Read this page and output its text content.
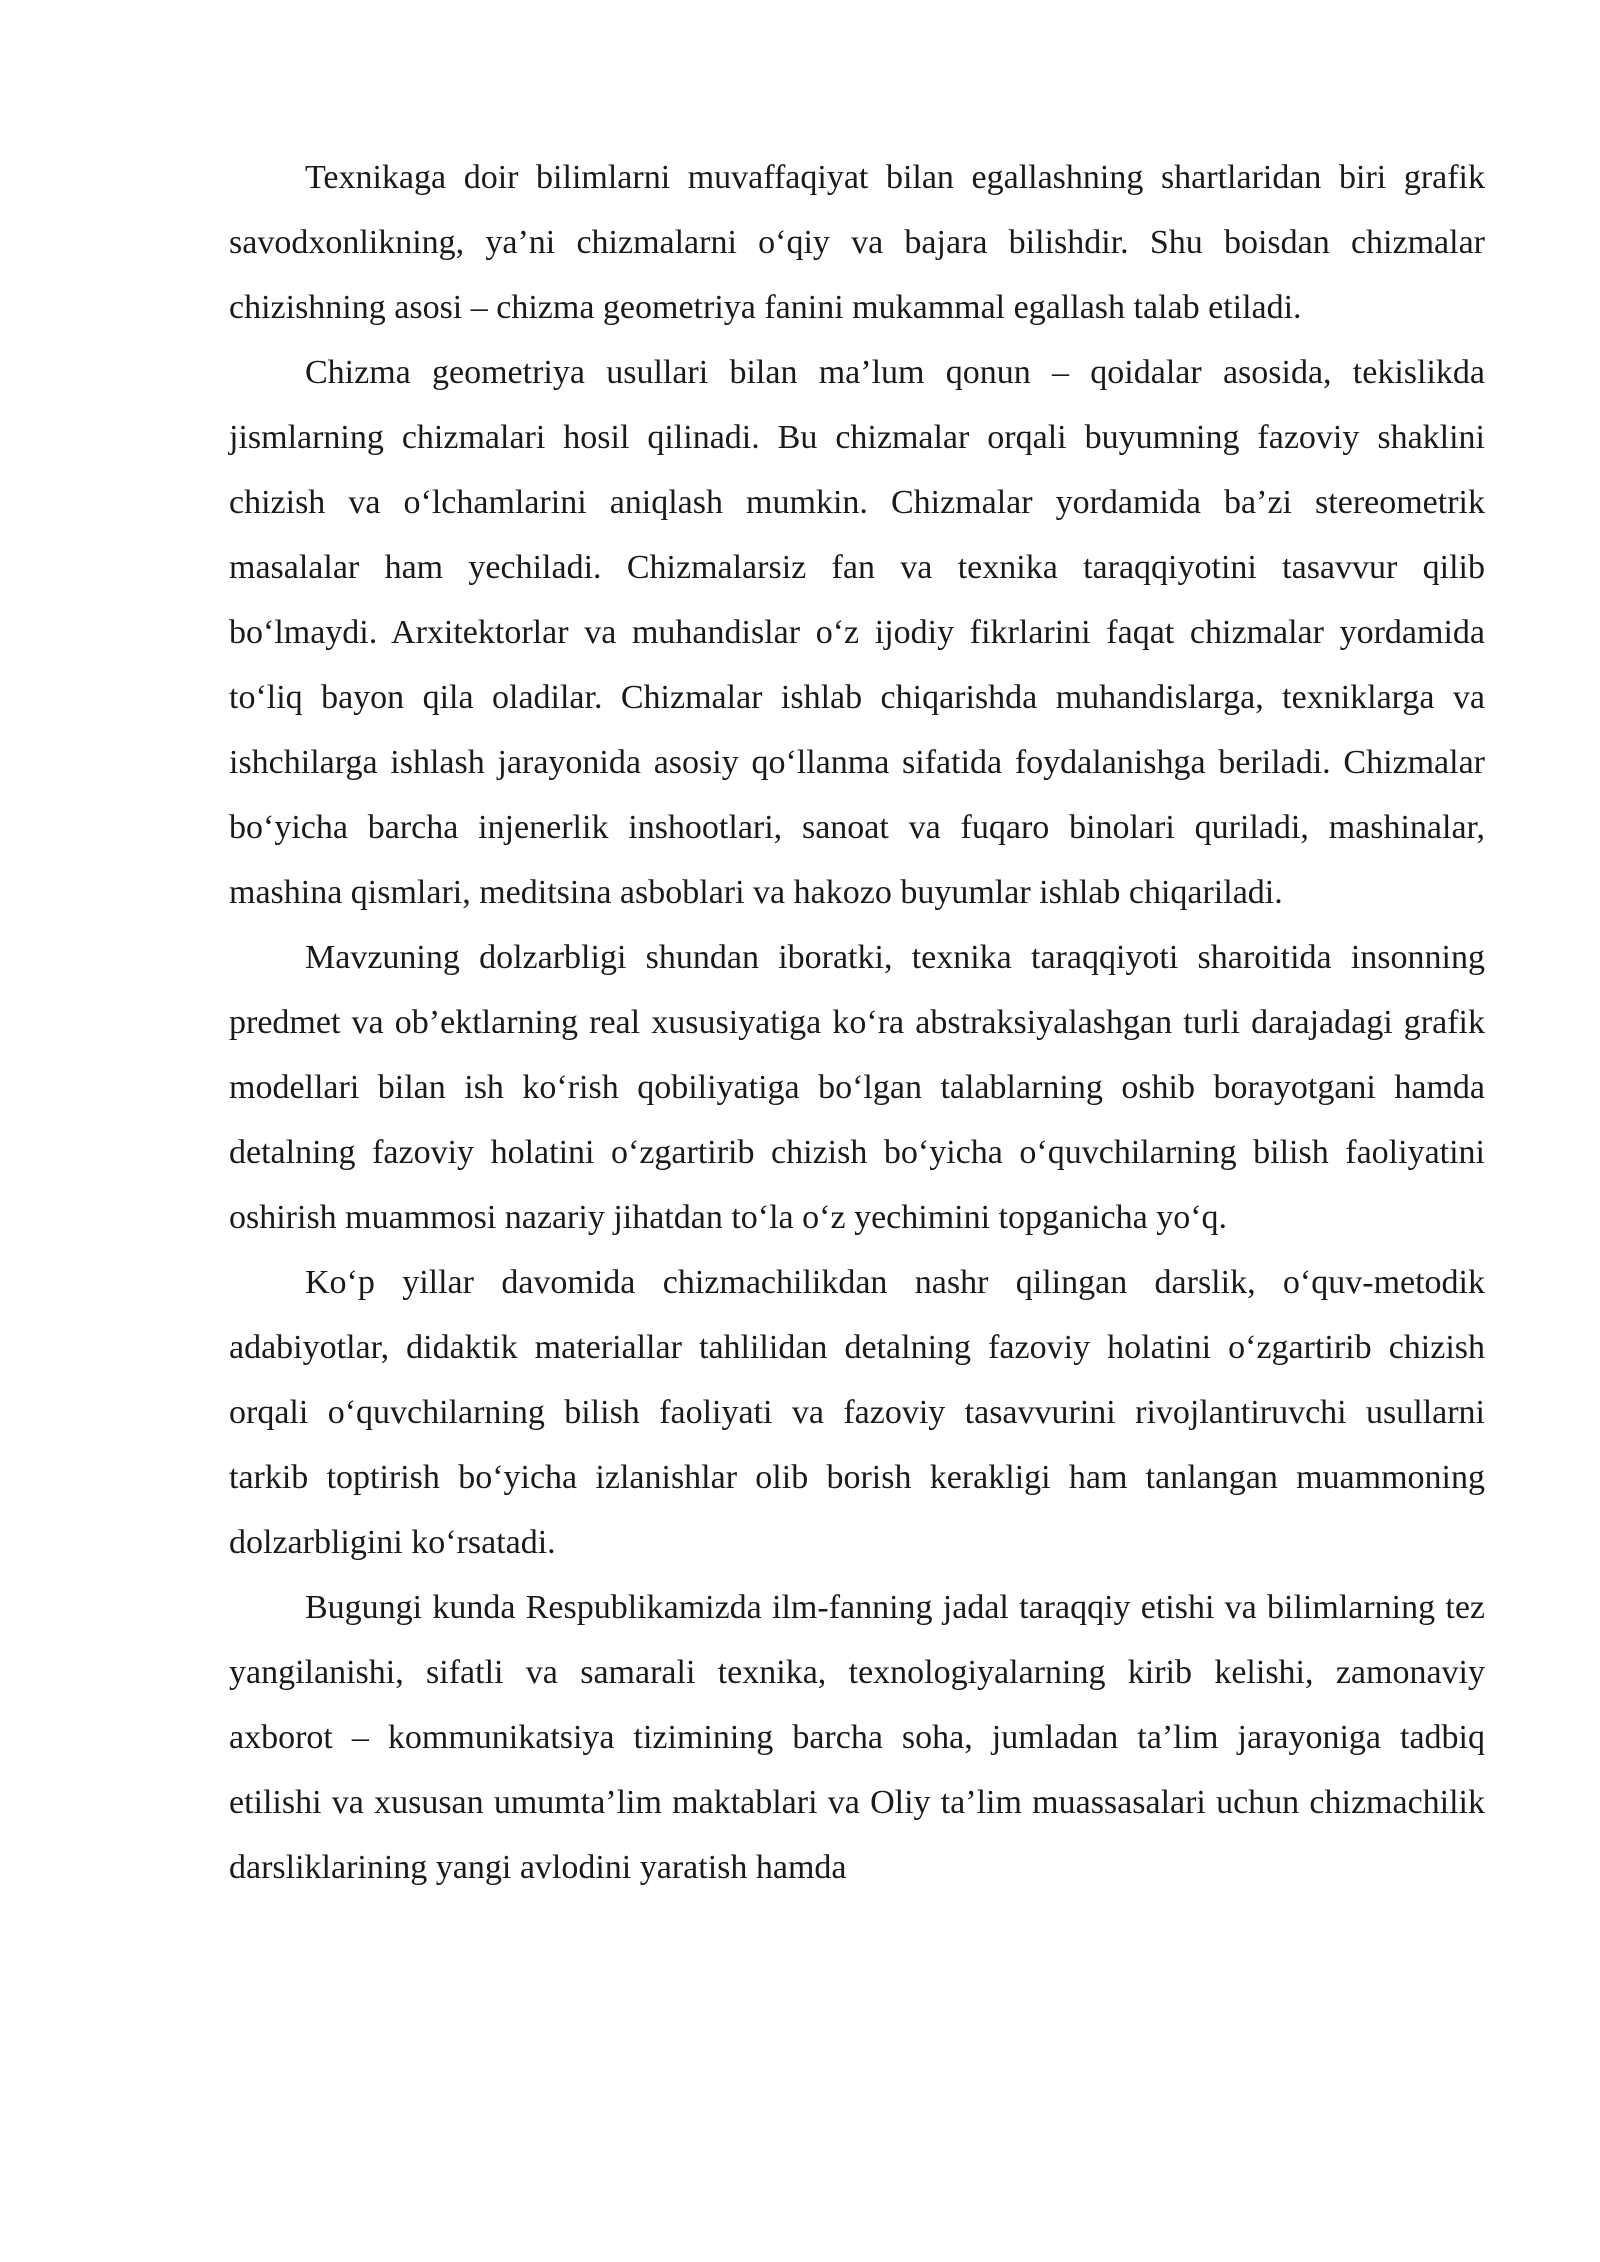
Texnikaga doir bilimlarni muvaffaqiyat bilan egallashning shartlaridan biri grafik savodxonlikning, ya’ni chizmalarni o‘qiy va bajara bilishdir. Shu boisdan chizmalar chizishning asosi – chizma geometriya fanini mukammal egallash talab etiladi.

Chizma geometriya usullari bilan ma’lum qonun – qoidalar asosida, tekislikda jismlarning chizmalari hosil qilinadi. Bu chizmalar orqali buyumning fazoviy shaklini chizish va o‘lchamlarini aniqlash mumkin. Chizmalar yordamida ba’zi stereometrik masalalar ham yechiladi. Chizmalarsiz fan va texnika taraqqiyotini tasavvur qilib bo‘lmaydi. Arxitektorlar va muhandislar o‘z ijodiy fikrlarini faqat chizmalar yordamida to‘liq bayon qila oladilar. Chizmalar ishlab chiqarishda muhandislarga, texniklarga va ishchilarga ishlash jarayonida asosiy qo‘llanma sifatida foydalanishga beriladi. Chizmalar bo‘yicha barcha injenerlik inshootlari, sanoat va fuqaro binolari quriladi, mashinalar, mashina qismlari, meditsina asboblari va hakozo buyumlar ishlab chiqariladi.

Mavzuning dolzarbligi shundan iboratki, texnika taraqqiyoti sharoitida insonning predmet va ob’ektlarning real xususiyatiga ko‘ra abstraksiyalashgan turli darajadagi grafik modellari bilan ish ko‘rish qobiliyatiga bo‘lgan talablarning oshib borayotgani hamda detalning fazoviy holatini o‘zgartirib chizish bo‘yicha o‘quvchilarning bilish faoliyatini oshirish muammosi nazariy jihatdan to‘la o‘z yechimini topganicha yo‘q.

Ko‘p yillar davomida chizmachilikdan nashr qilingan darslik, o‘quv-metodik adabiyotlar, didaktik materiallar tahlilidan detalning fazoviy holatini o‘zgartirib chizish orqali o‘quvchilarning bilish faoliyati va fazoviy tasavvurini rivojlantiruvchi usullarni tarkib toptirish bo‘yicha izlanishlar olib borish kerakligi ham tanlangan muammoning dolzarbligini ko‘rsatadi.

Bugungi kunda Respublikamizda ilm-fanning jadal taraqqiy etishi va bilimlarning tez yangilanishi, sifatli va samarali texnika, texnologiyalarning kirib kelishi, zamonaviy axborot – kommunikatsiya tizimining barcha soha, jumladan ta’lim jarayoniga tadbiq etilishi va xususan umumta’lim maktablari va Oliy ta’lim muassasalari uchun chizmachilik darsliklarining yangi avlodini yaratish hamda
